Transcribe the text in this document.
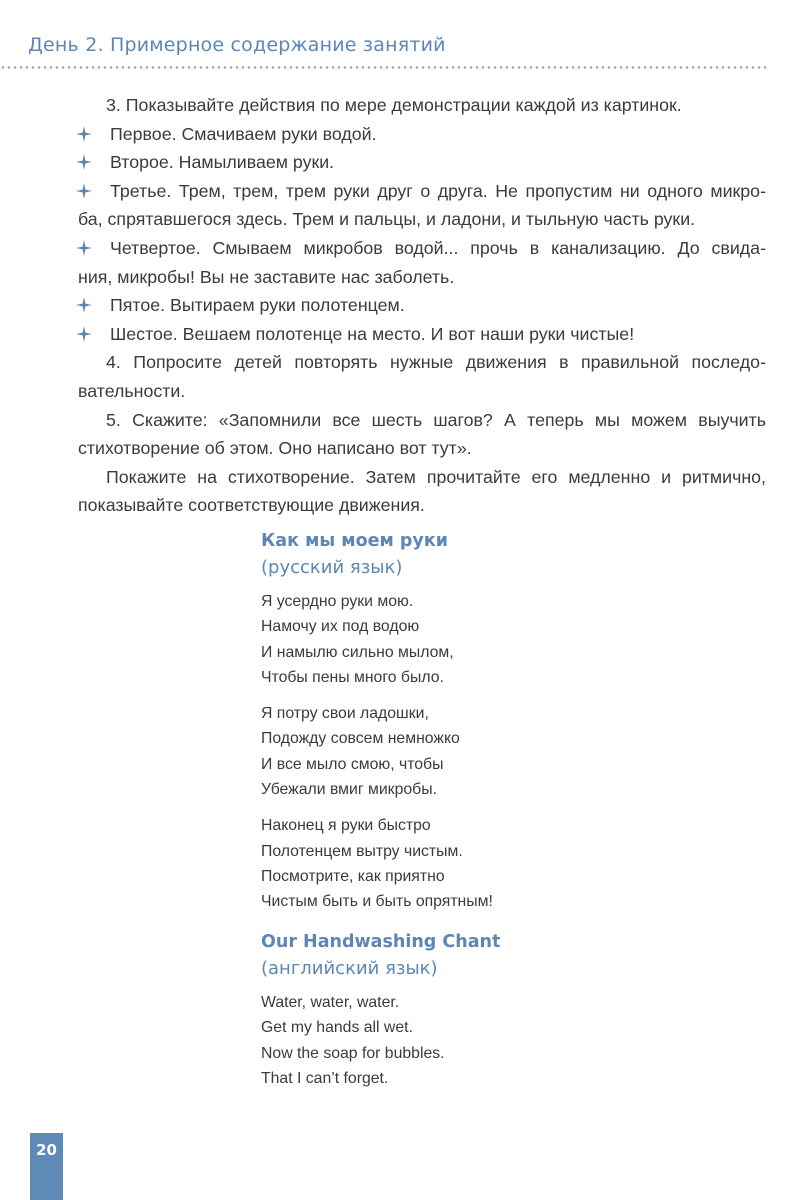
День 2. Примерное содержание занятий

3. Показывайте действия по мере демонстрации каждой из картинок.

Первое. Смачиваем руки водой.
Второе. Намыливаем руки.
Третье. Трем, трем, трем руки друг о друга. Не пропустим ни одного микро-
ба, спрятавшегося здесь. Трем и пальцы, и ладони, и тыльную часть руки.
Четвертое. Смываем микробов водой... прочь в канализацию. До свида-
ния, микробы! Вы не заставите нас заболеть.
Пятое. Вытираем руки полотенцем.
Шестое. Вешаем полотенце на место. И вот наши руки чистые!

4. Попросите детей повторять нужные движения в правильной последо-
вательности.

5. Скажите: «Запомнили все шесть шагов? А теперь мы можем выучить
стихотворение об этом. Оно написано вот тут».

Покажите на стихотворение. Затем прочитайте его медленно и ритмично,
показывайте соответствующие движения.

Как мы моем руки
(русский язык)
Я усердно руки мою.
Намочу их под водою
И намылю сильно мылом,
Чтобы пены много было.
Я потру свои ладошки,
Подожду совсем немножко
И все мыло смою, чтобы
Убежали вмиг микробы.
Наконец я руки быстро
Полотенцем вытру чистым.
Посмотрите, как приятно
Чистым быть и быть опрятным!
Our Handwashing Chant
(английский язык)
Water, water, water.
Get my hands all wet.
Now the soap for bubbles.
That I can’t forget.
20
